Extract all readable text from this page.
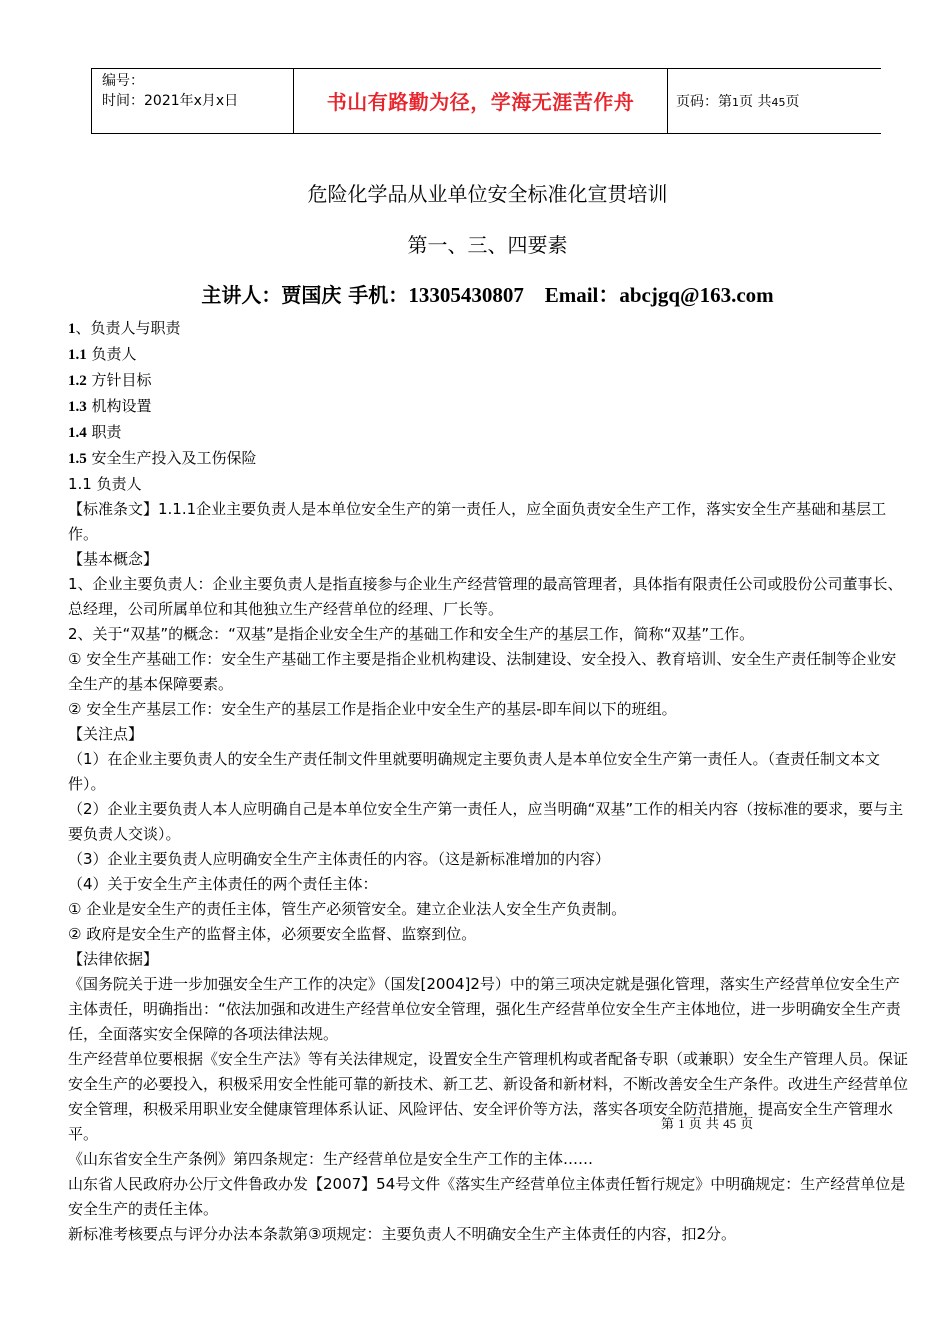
编号：
时间：2021年x月x日	书山有路勤为径，学海无涯苦作舟	页码：第1页 共45页
危险化学品从业单位安全标准化宣贯培训
第一、三、四要素
主讲人：贾国庆 手机：13305430807 Email：abcjgq@163.com

1、负责人与职责

1.1 负责人

1.2 方针目标

1.3 机构设置

1.4 职责

1.5 安全生产投入及工伤保险

1.1 负责人

【标准条文】1.1.1企业主要负责人是本单位安全生产的第一责任人，应全面负责安全生产工作，落实安全生产基础和基层工作。

【基本概念】

1、企业主要负责人：企业主要负责人是指直接参与企业生产经营管理的最高管理者，具体指有限责任公司或股份公司董事长、总经理，公司所属单位和其他独立生产经营单位的经理、厂长等。

2、关于“双基”的概念：“双基”是指企业安全生产的基础工作和安全生产的基层工作，简称“双基”工作。

① 安全生产基础工作：安全生产基础工作主要是指企业机构建设、法制建设、安全投入、教育培训、安全生产责任制等企业安全生产的基本保障要素。

② 安全生产基层工作：安全生产的基层工作是指企业中安全生产的基层-即车间以下的班组。

【关注点】

（1）在企业主要负责人的安全生产责任制文件里就要明确规定主要负责人是本单位安全生产第一责任人。（查责任制文本文件）。

（2）企业主要负责人本人应明确自己是本单位安全生产第一责任人，应当明确“双基”工作的相关内容（按标准的要求，要与主要负责人交谈）。

（3）企业主要负责人应明确安全生产主体责任的内容。（这是新标准增加的内容）

（4）关于安全生产主体责任的两个责任主体：

① 企业是安全生产的责任主体，管生产必须管安全。建立企业法人安全生产负责制。

② 政府是安全生产的监督主体，必须要安全监督、监察到位。

【法律依据】

《国务院关于进一步加强安全生产工作的决定》（国发[2004]2号）中的第三项决定就是强化管理，落实生产经营单位安全生产主体责任，明确指出：“依法加强和改进生产经营单位安全管理，强化生产经营单位安全生产主体地位，进一步明确安全生产责任，全面落实安全保障的各项法律法规。

生产经营单位要根据《安全生产法》等有关法律规定，设置安全生产管理机构或者配备专职（或兼职）安全生产管理人员。保证安全生产的必要投入，积极采用安全性能可靠的新技术、新工艺、新设备和新材料，不断改善安全生产条件。改进生产经营单位安全管理，积极采用职业安全健康管理体系认证、风险评估、安全评价等方法，落实各项安全防范措施，提高安全生产管理水平。

《山东省安全生产条例》第四条规定：生产经营单位是安全生产工作的主体……

山东省人民政府办公厅文件鲁政办发【2007】54号文件《落实生产经营单位主体责任暂行规定》中明确规定：生产经营单位是安全生产的责任主体。

新标准考核要点与评分办法本条款第③项规定：主要负责人不明确安全生产主体责任的内容，扣2分。

第 1 页 共 45 页
